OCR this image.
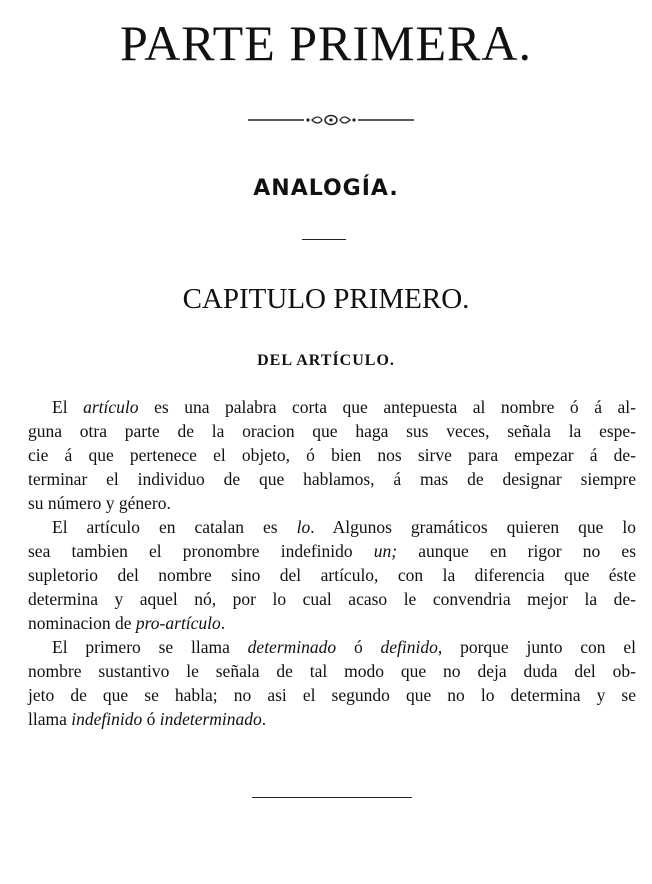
PARTE PRIMERA.
ANALOGÍA.
CAPITULO PRIMERO.
DEL ARTÍCULO.
El artículo es una palabra corta que antepuesta al nombre ó á al-
guna otra parte de la oracion que haga sus veces, señala la espe-
cie á que pertenece el objeto, ó bien nos sirve para empezar á de-
terminar el individuo de que hablamos, á mas de designar siempre
su número y género.
El artículo en catalan es lo. Algunos gramáticos quieren que lo
sea tambien el pronombre indefinido un; aunque en rigor no es
supletorio del nombre sino del artículo, con la diferencia que éste
determina y aquel nó, por lo cual acaso le convendria mejor la de-
nominacion de pro-artículo.
El primero se llama determinado ó definido, porque junto con el
nombre sustantivo le señala de tal modo que no deja duda del ob-
jeto de que se habla; no asi el segundo que no lo determina y se
llama indefinido ó indeterminado.
